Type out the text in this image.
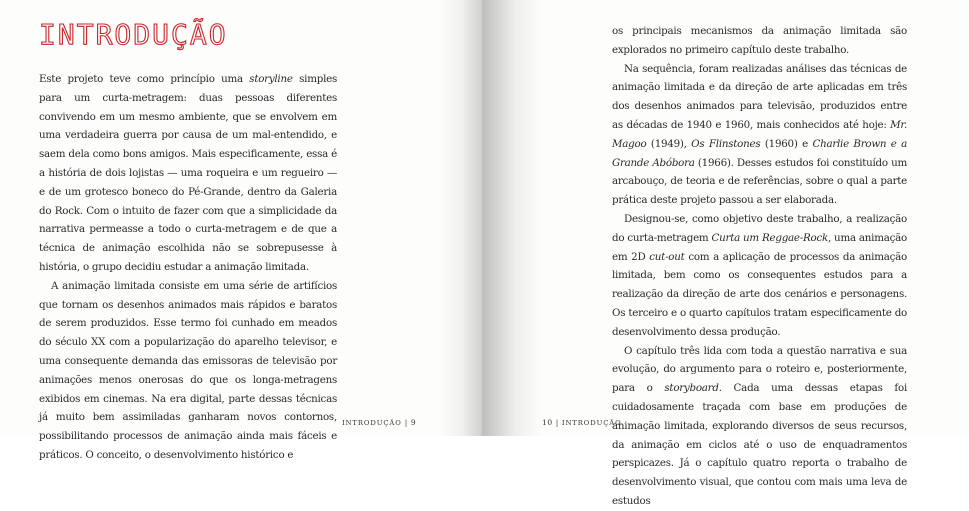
INTRODUÇÃO

Este projeto teve como princípio uma storyline simples para um curta-metragem: duas pessoas diferentes convivendo em um mesmo ambiente, que se envolvem em uma verdadeira guerra por causa de um mal-entendido, e saem dela como bons amigos. Mais especificamente, essa é a história de dois lojistas — uma roqueira e um regueiro — e de um grotesco boneco do Pé-Grande, dentro da Galeria do Rock. Com o intuito de fazer com que a simplicidade da narrativa permeasse a todo o curta-metragem e de que a técnica de animação escolhida não se sobrepusesse à história, o grupo decidiu estudar a animação limitada.

A animação limitada consiste em uma série de artifícios que tornam os desenhos animados mais rápidos e baratos de serem produzidos. Esse termo foi cunhado em meados do século XX com a popularização do aparelho televisor, e uma consequente demanda das emissoras de televisão por animações menos onerosas do que os longa-metragens exibidos em cinemas. Na era digital, parte dessas técnicas já muito bem assimiladas ganharam novos contornos, possibilitando processos de animação ainda mais fáceis e práticos. O conceito, o desenvolvimento histórico e

INTRODUÇÃO | 9

os principais mecanismos da animação limitada são explorados no primeiro capítulo deste trabalho.

Na sequência, foram realizadas análises das técnicas de animação limitada e da direção de arte aplicadas em três dos desenhos animados para televisão, produzidos entre as décadas de 1940 e 1960, mais conhecidos até hoje: Mr. Magoo (1949), Os Flinstones (1960) e Charlie Brown e a Grande Abóbora (1966). Desses estudos foi constituído um arcabouço, de teoria e de referências, sobre o qual a parte prática deste projeto passou a ser elaborada.

Designou-se, como objetivo deste trabalho, a realização do curta-metragem Curta um Reggae-Rock, uma animação em 2D cut-out com a aplicação de processos da animação limitada, bem como os consequentes estudos para a realização da direção de arte dos cenários e personagens. Os terceiro e o quarto capítulos tratam especificamente do desenvolvimento dessa produção.

O capítulo três lida com toda a questão narrativa e sua evolução, do argumento para o roteiro e, posteriormente, para o storyboard. Cada uma dessas etapas foi cuidadosamente traçada com base em produções de animação limitada, explorando diversos de seus recursos, da animação em ciclos até o uso de enquadramentos perspicazes. Já o capítulo quatro reporta o trabalho de desenvolvimento visual, que contou com mais uma leva de estudos

10 | INTRODUÇÃO
